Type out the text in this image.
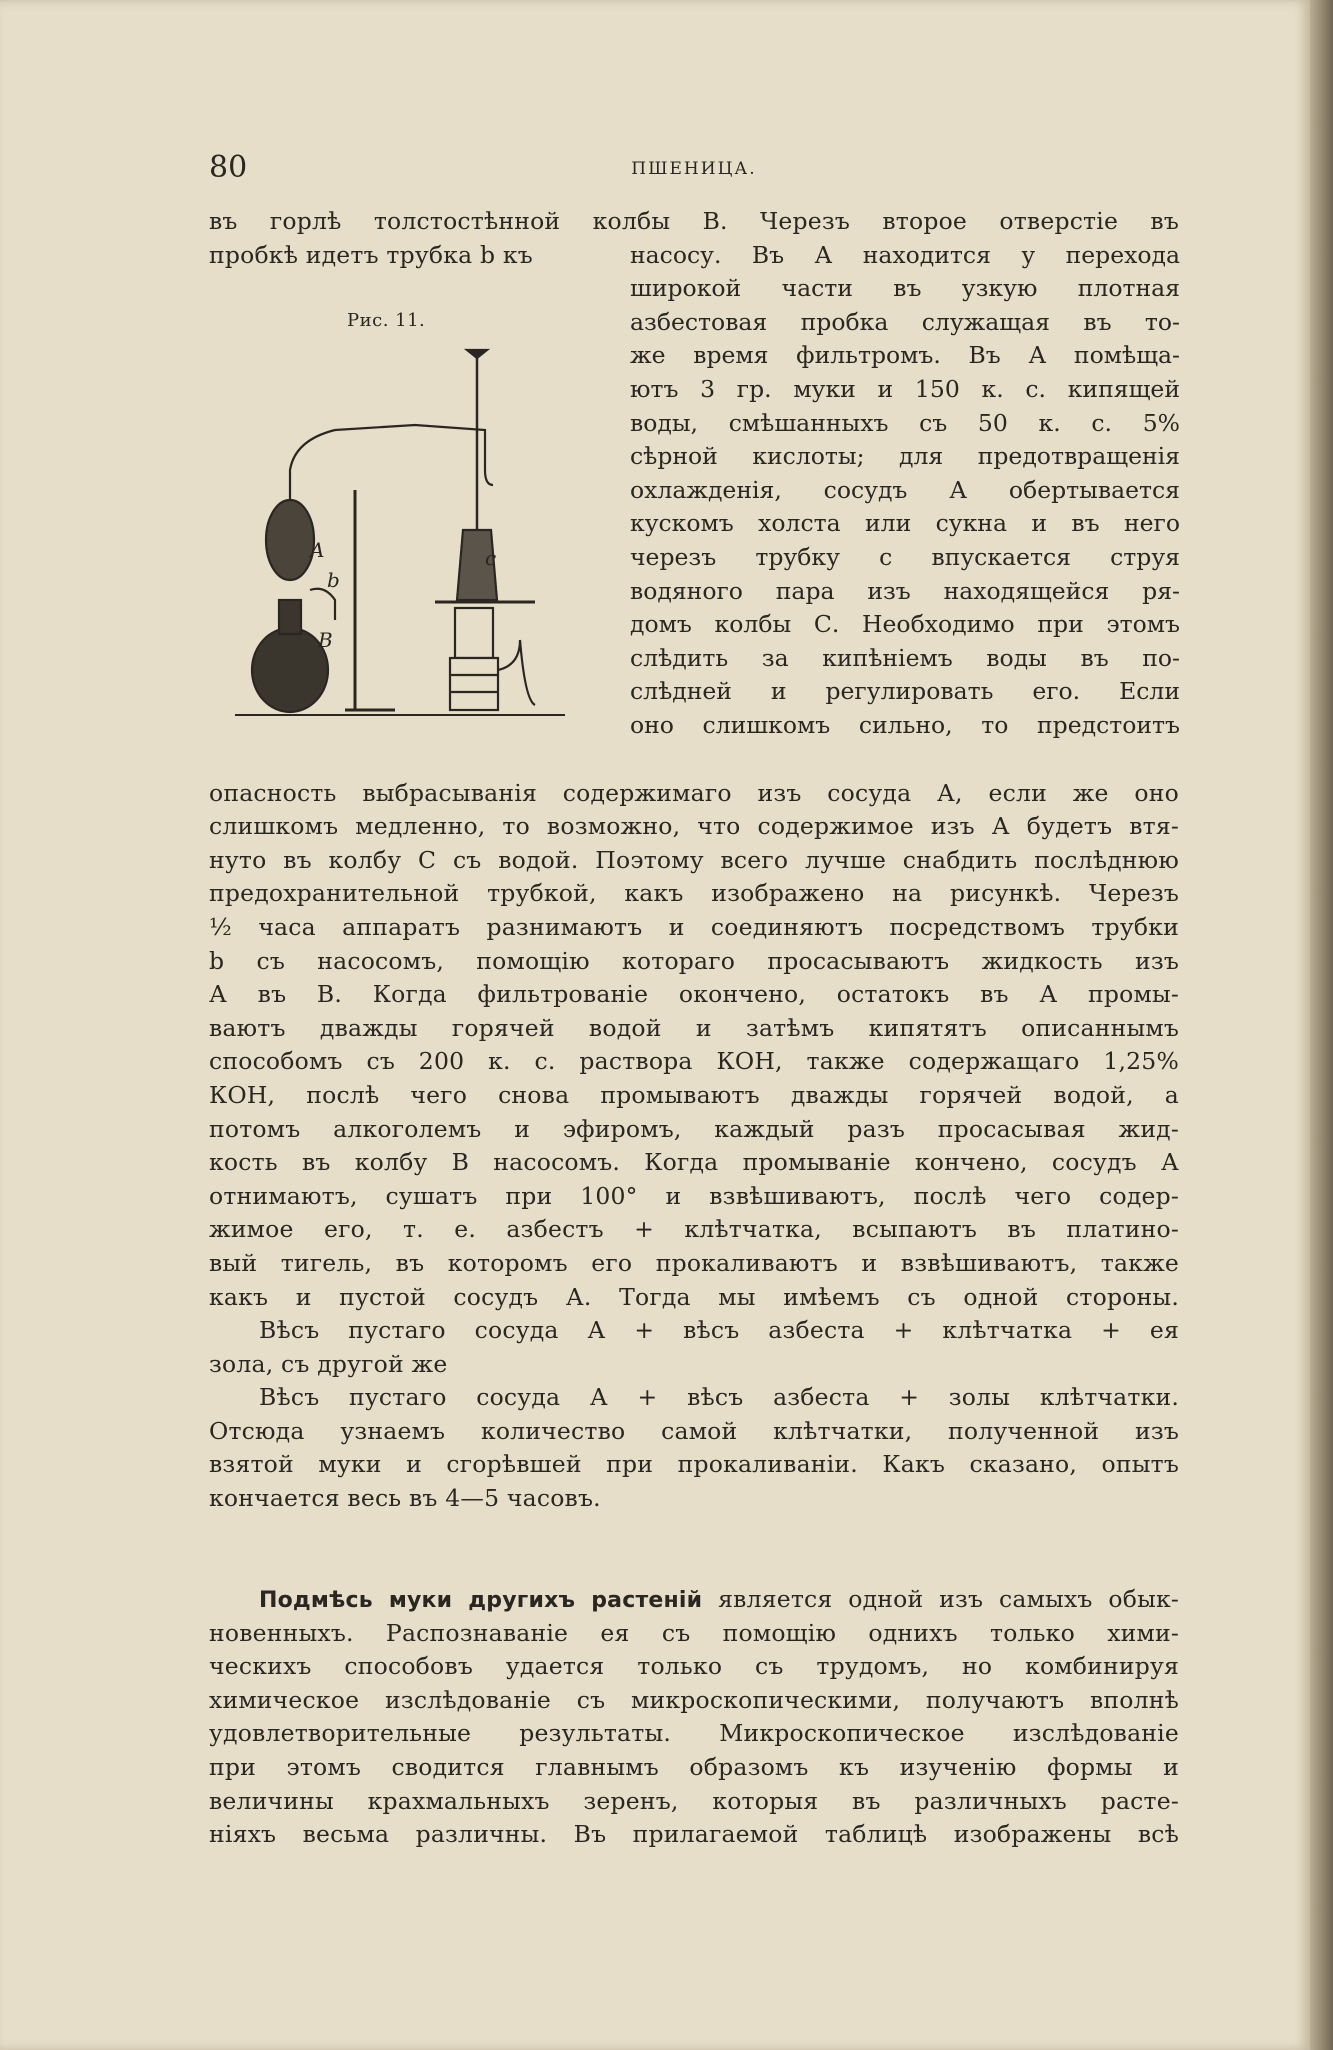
80	ПШЕНИЦА.
въ горлѣ толстостѣнной колбы В. Черезъ второе отверстіе въ
пробкѣ идетъ трубка b къ	насосу. Въ А находится у перехода
Рис. 11.
A
b
B
c
широкой части въ узкую плотная
азбестовая пробка служащая въ то-
же время фильтромъ. Въ А помѣща-
ютъ 3 гр. муки и 150 к. с. кипящей
воды, смѣшанныхъ съ 50 к. с. 5%
сѣрной кислоты; для предотвращенія
охлажденія, сосудъ А обертывается
кускомъ холста или сукна и въ него
черезъ трубку c впускается струя
водяного пара изъ находящейся ря-
домъ колбы С. Необходимо при этомъ
слѣдить за кипѣніемъ воды въ по-
слѣдней и регулировать его. Если
оно слишкомъ сильно, то предстоитъ
опасность выбрасыванія содержимаго изъ сосуда А, если же оно
слишкомъ медленно, то возможно, что содержимое изъ А будетъ втя-
нуто въ колбу С съ водой. Поэтому всего лучше снабдить послѣднюю
предохранительной трубкой, какъ изображено на рисункѣ. Черезъ
½ часа аппаратъ разнимаютъ и соединяютъ посредствомъ трубки
b съ насосомъ, помощію котораго просасываютъ жидкость изъ
А въ В. Когда фильтрованіе окончено, остатокъ въ А промы-
ваютъ дважды горячей водой и затѣмъ кипятятъ описаннымъ
способомъ съ 200 к. с. раствора КОН, также содержащаго 1,25%
КОН, послѣ чего снова промываютъ дважды горячей водой, а
потомъ алкоголемъ и эфиромъ, каждый разъ просасывая жид-
кость въ колбу В насосомъ. Когда промываніе кончено, сосудъ А
отнимаютъ, сушатъ при 100° и взвѣшиваютъ, послѣ чего содер-
жимое его, т. е. азбестъ + клѣтчатка, всыпаютъ въ платино-
вый тигель, въ которомъ его прокаливаютъ и взвѣшиваютъ, также
какъ и пустой сосудъ А. Тогда мы имѣемъ съ одной стороны.
Вѣсъ пустаго сосуда А + вѣсъ азбеста + клѣтчатка + ея
зола, съ другой же
Вѣсъ пустаго сосуда А + вѣсъ азбеста + золы клѣтчатки.
Отсюда узнаемъ количество самой клѣтчатки, полученной изъ
взятой муки и сгорѣвшей при прокаливаніи. Какъ сказано, опытъ
кончается весь въ 4—5 часовъ.
Подмѣсь муки другихъ растеній является одной изъ самыхъ обык-
новенныхъ. Распознаваніе ея съ помощію однихъ только хими-
ческихъ способовъ удается только съ трудомъ, но комбинируя
химическое изслѣдованіе съ микроскопическими, получаютъ вполнѣ
удовлетворительные результаты. Микроскопическое изслѣдованіе
при этомъ сводится главнымъ образомъ къ изученію формы и
величины крахмальныхъ зеренъ, которыя въ различныхъ расте-
ніяхъ весьма различны. Въ прилагаемой таблицѣ изображены всѣ
